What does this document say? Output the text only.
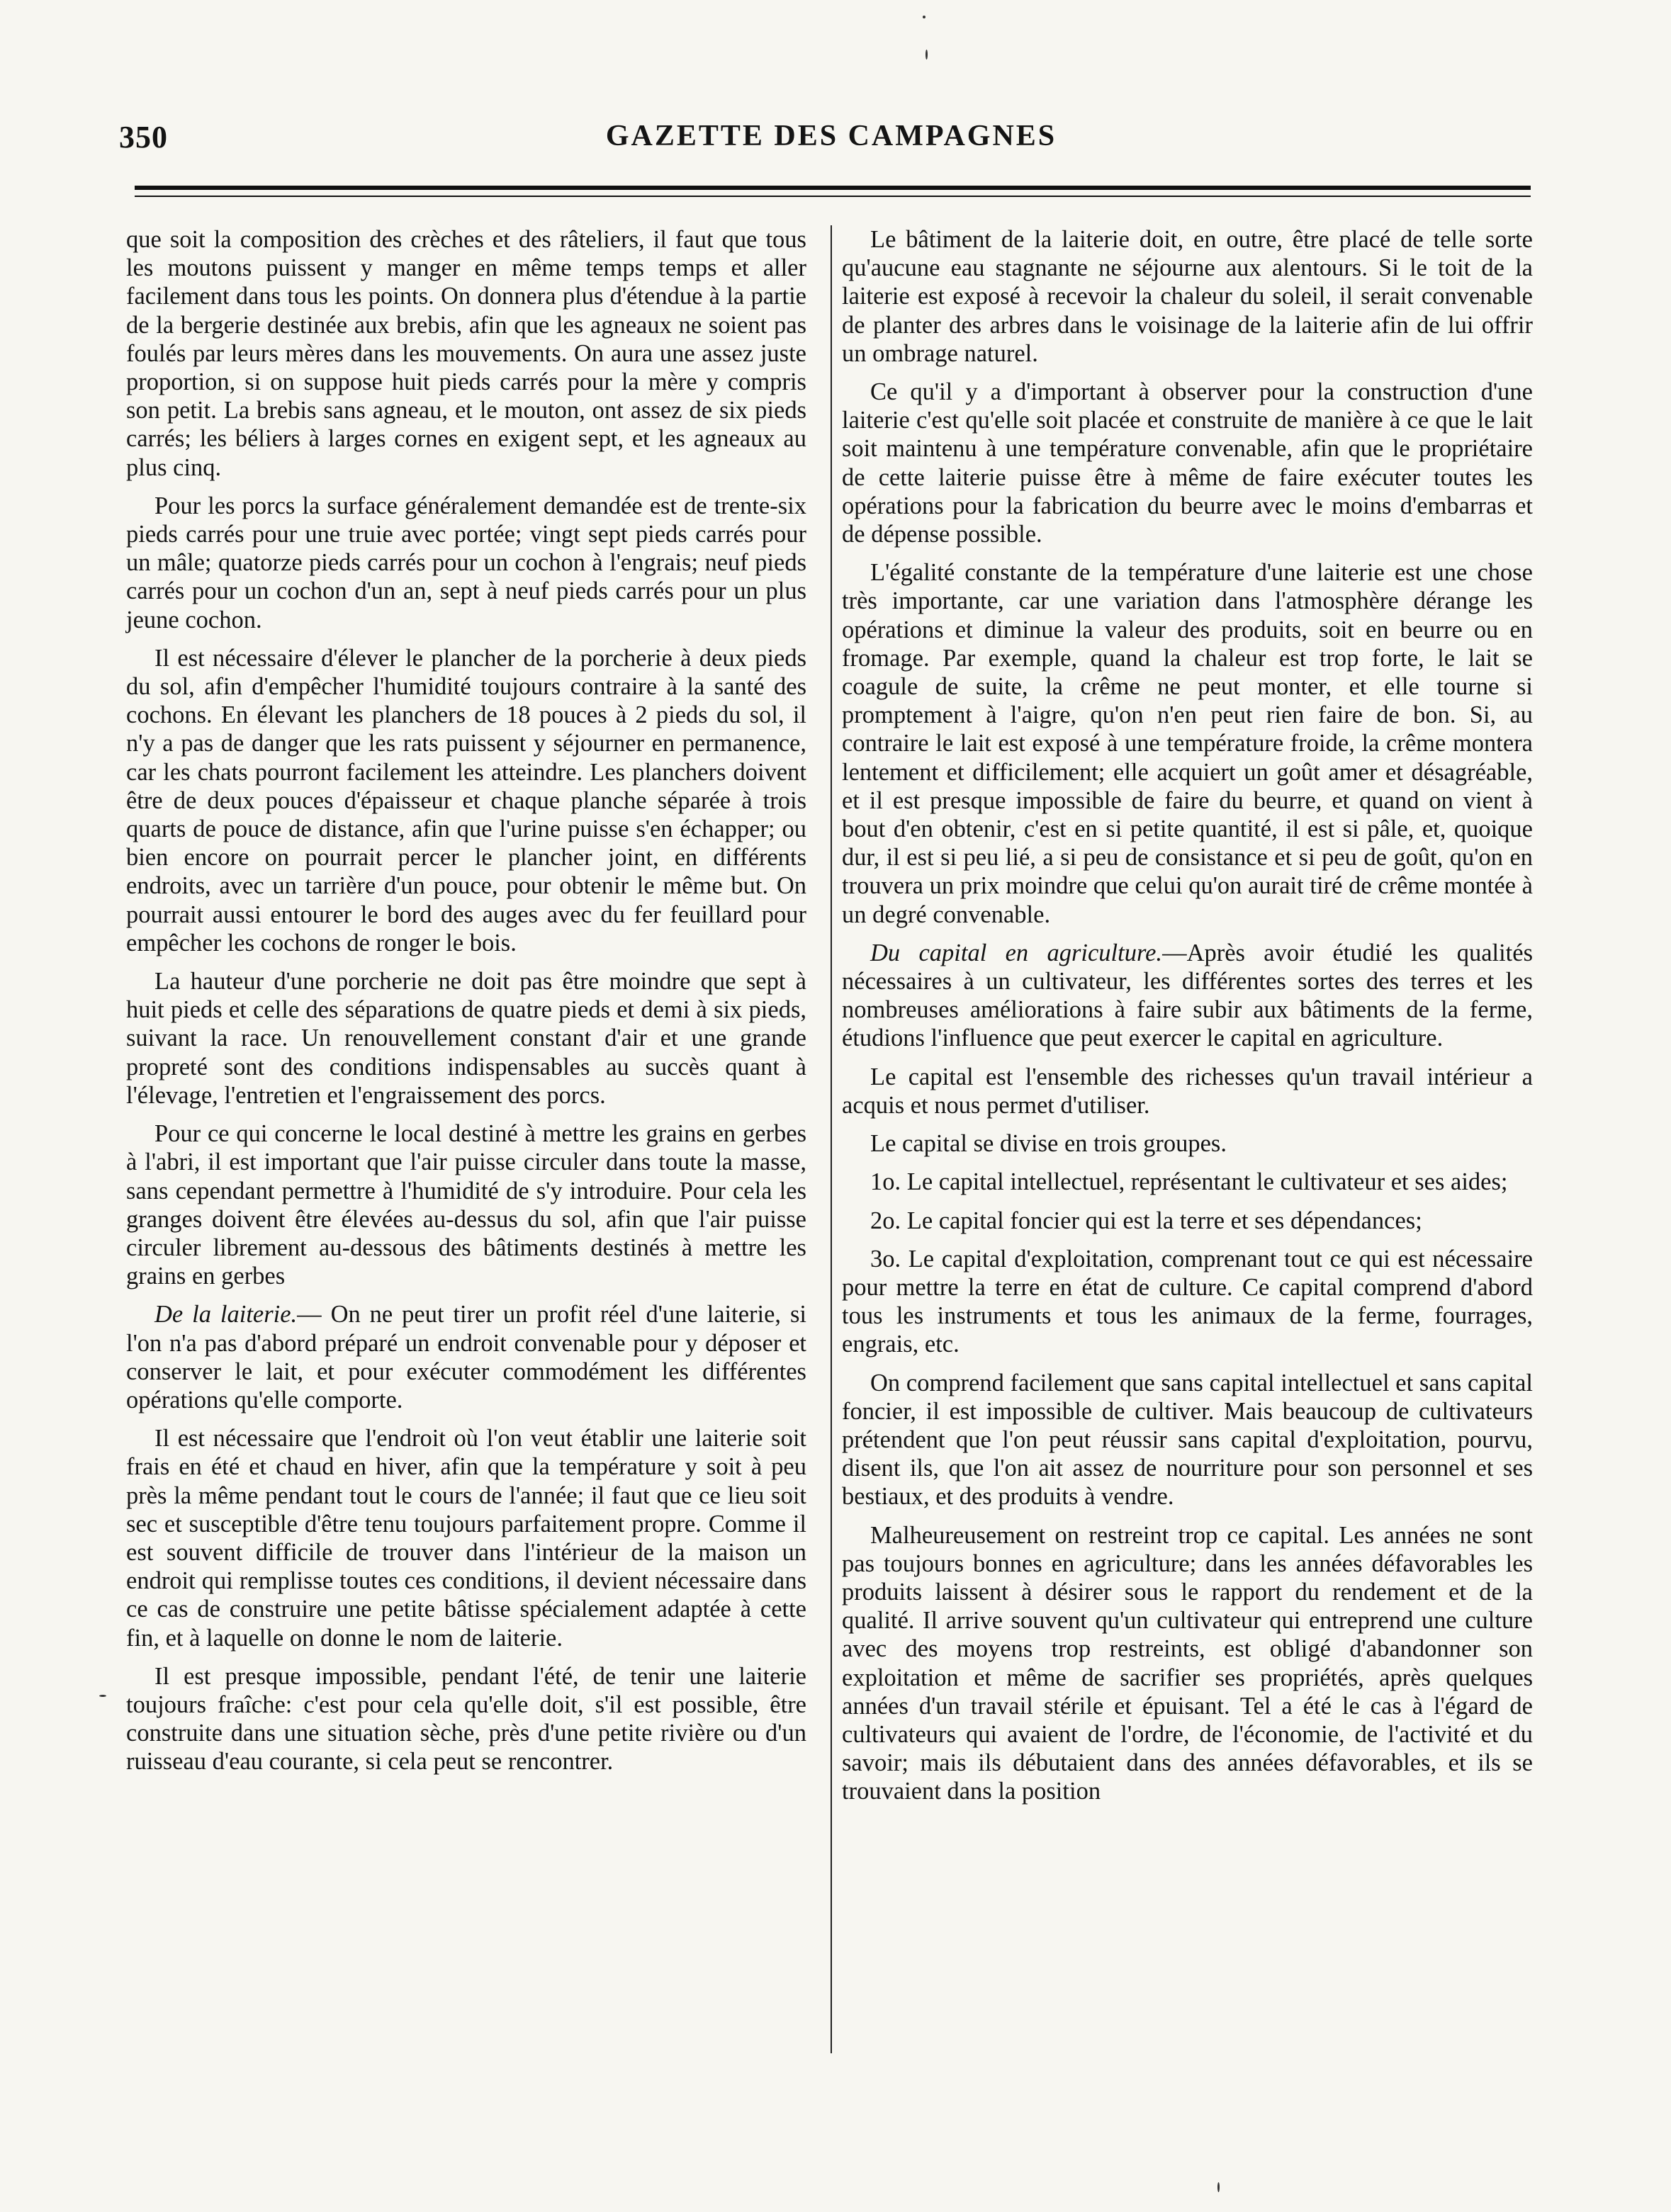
350	GAZETTE DES CAMPAGNES

que soit la composition des crèches et des râteliers, il faut que tous les moutons puissent y manger en même temps temps et aller facilement dans tous les points. On donnera plus d'étendue à la partie de la bergerie destinée aux brebis, afin que les agneaux ne soient pas foulés par leurs mères dans les mouvements. On aura une assez juste proportion, si on suppose huit pieds carrés pour la mère y compris son petit. La brebis sans agneau, et le mouton, ont assez de six pieds carrés; les béliers à larges cornes en exigent sept, et les agneaux au plus cinq.

Pour les porcs la surface généralement demandée est de trente-six pieds carrés pour une truie avec portée; vingt sept pieds carrés pour un mâle; quatorze pieds carrés pour un cochon à l'engrais; neuf pieds carrés pour un cochon d'un an, sept à neuf pieds carrés pour un plus jeune cochon.

Il est nécessaire d'élever le plancher de la porcherie à deux pieds du sol, afin d'empêcher l'humidité toujours contraire à la santé des cochons. En élevant les planchers de 18 pouces à 2 pieds du sol, il n'y a pas de danger que les rats puissent y séjourner en permanence, car les chats pourront facilement les atteindre. Les planchers doivent être de deux pouces d'épaisseur et chaque planche séparée à trois quarts de pouce de distance, afin que l'urine puisse s'en échapper; ou bien encore on pourrait percer le plancher joint, en différents endroits, avec un tarrière d'un pouce, pour obtenir le même but. On pourrait aussi entourer le bord des auges avec du fer feuillard pour empêcher les cochons de ronger le bois.

La hauteur d'une porcherie ne doit pas être moindre que sept à huit pieds et celle des séparations de quatre pieds et demi à six pieds, suivant la race. Un renouvellement constant d'air et une grande propreté sont des conditions indispensables au succès quant à l'élevage, l'entretien et l'engraissement des porcs.

Pour ce qui concerne le local destiné à mettre les grains en gerbes à l'abri, il est important que l'air puisse circuler dans toute la masse, sans cependant permettre à l'humidité de s'y introduire. Pour cela les granges doivent être élevées au-dessus du sol, afin que l'air puisse circuler librement au-dessous des bâtiments destinés à mettre les grains en gerbes

De la laiterie.— On ne peut tirer un profit réel d'une laiterie, si l'on n'a pas d'abord préparé un endroit convenable pour y déposer et conserver le lait, et pour exécuter commodément les différentes opérations qu'elle comporte.

Il est nécessaire que l'endroit où l'on veut établir une laiterie soit frais en été et chaud en hiver, afin que la température y soit à peu près la même pendant tout le cours de l'année; il faut que ce lieu soit sec et susceptible d'être tenu toujours parfaitement propre. Comme il est souvent difficile de trouver dans l'intérieur de la maison un endroit qui remplisse toutes ces conditions, il devient nécessaire dans ce cas de construire une petite bâtisse spécialement adaptée à cette fin, et à laquelle on donne le nom de laiterie.

Il est presque impossible, pendant l'été, de tenir une laiterie toujours fraîche: c'est pour cela qu'elle doit, s'il est possible, être construite dans une situation sèche, près d'une petite rivière ou d'un ruisseau d'eau courante, si cela peut se rencontrer.

Le bâtiment de la laiterie doit, en outre, être placé de telle sorte qu'aucune eau stagnante ne séjourne aux alentours. Si le toit de la laiterie est exposé à recevoir la chaleur du soleil, il serait convenable de planter des arbres dans le voisinage de la laiterie afin de lui offrir un ombrage naturel.

Ce qu'il y a d'important à observer pour la construction d'une laiterie c'est qu'elle soit placée et construite de manière à ce que le lait soit maintenu à une température convenable, afin que le propriétaire de cette laiterie puisse être à même de faire exécuter toutes les opérations pour la fabrication du beurre avec le moins d'embarras et de dépense possible.

L'égalité constante de la température d'une laiterie est une chose très importante, car une variation dans l'atmosphère dérange les opérations et diminue la valeur des produits, soit en beurre ou en fromage. Par exemple, quand la chaleur est trop forte, le lait se coagule de suite, la crême ne peut monter, et elle tourne si promptement à l'aigre, qu'on n'en peut rien faire de bon. Si, au contraire le lait est exposé à une température froide, la crême montera lentement et difficilement; elle acquiert un goût amer et désagréable, et il est presque impossible de faire du beurre, et quand on vient à bout d'en obtenir, c'est en si petite quantité, il est si pâle, et, quoique dur, il est si peu lié, a si peu de consistance et si peu de goût, qu'on en trouvera un prix moindre que celui qu'on aurait tiré de crême montée à un degré convenable.

Du capital en agriculture.—Après avoir étudié les qualités nécessaires à un cultivateur, les différentes sortes des terres et les nombreuses améliorations à faire subir aux bâtiments de la ferme, étudions l'influence que peut exercer le capital en agriculture.

Le capital est l'ensemble des richesses qu'un travail intérieur a acquis et nous permet d'utiliser.

Le capital se divise en trois groupes.

1o. Le capital intellectuel, représentant le cultivateur et ses aides;

2o. Le capital foncier qui est la terre et ses dépendances;

3o. Le capital d'exploitation, comprenant tout ce qui est nécessaire pour mettre la terre en état de culture. Ce capital comprend d'abord tous les instruments et tous les animaux de la ferme, fourrages, engrais, etc.

On comprend facilement que sans capital intellectuel et sans capital foncier, il est impossible de cultiver. Mais beaucoup de cultivateurs prétendent que l'on peut réussir sans capital d'exploitation, pourvu, disent ils, que l'on ait assez de nourriture pour son personnel et ses bestiaux, et des produits à vendre.

Malheureusement on restreint trop ce capital. Les années ne sont pas toujours bonnes en agriculture; dans les années défavorables les produits laissent à désirer sous le rapport du rendement et de la qualité. Il arrive souvent qu'un cultivateur qui entreprend une culture avec des moyens trop restreints, est obligé d'abandonner son exploitation et même de sacrifier ses propriétés, après quelques années d'un travail stérile et épuisant. Tel a été le cas à l'égard de cultivateurs qui avaient de l'ordre, de l'économie, de l'activité et du savoir; mais ils débutaient dans des années défavorables, et ils se trouvaient dans la position
